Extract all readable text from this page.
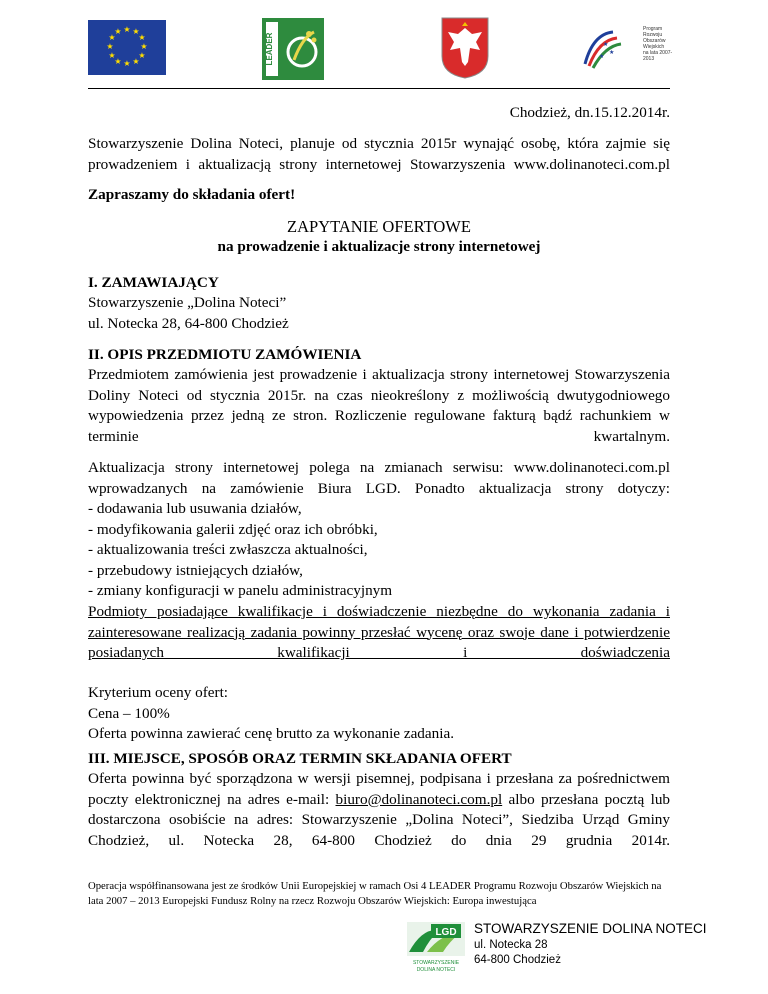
★ ★
★
★
★
★
★
★
★
★
★
★
LEADER	★
★
★
Program
Rozwoju
Obszarów
Wiejskich
na lata 2007-2013
Chodzież, dn.15.12.2014r.
Stowarzyszenie Dolina Noteci, planuje od stycznia 2015r wynająć osobę, która zajmie się prowadzeniem i aktualizacją strony internetowej Stowarzyszenia www.dolinanoteci.com.pl
Zapraszamy do składania ofert!
ZAPYTANIE OFERTOWE
na prowadzenie i aktualizacje strony internetowej
I. ZAMAWIAJĄCY
Stowarzyszenie „Dolina Noteci”
ul. Notecka 28, 64-800 Chodzież
II. OPIS PRZEDMIOTU ZAMÓWIENIA
Przedmiotem zamówienia jest prowadzenie i aktualizacja strony internetowej Stowarzyszenia Doliny Noteci od stycznia 2015r. na czas nieokreślony z możliwością dwutygodniowego wypowiedzenia przez jedną ze stron. Rozliczenie regulowane fakturą bądź rachunkiem w terminie kwartalnym.
Aktualizacja strony internetowej polega na zmianach serwisu: www.dolinanoteci.com.pl wprowadzanych na zamówienie Biura LGD. Ponadto aktualizacja strony dotyczy:
- dodawania lub usuwania działów,
- modyfikowania galerii zdjęć oraz ich obróbki,
- aktualizowania treści zwłaszcza aktualności,
- przebudowy istniejących działów,
- zmiany konfiguracji w panelu administracyjnym
Podmioty posiadające kwalifikacje i doświadczenie niezbędne do wykonania zadania i zainteresowane realizacją zadania powinny przesłać wycenę oraz swoje dane i potwierdzenie posiadanych kwalifikacji i doświadczenia
Kryterium oceny ofert:
Cena – 100%
Oferta powinna zawierać cenę brutto za wykonanie zadania.
III. MIEJSCE, SPOSÓB ORAZ TERMIN SKŁADANIA OFERT
Oferta powinna być sporządzona w wersji pisemnej, podpisana i przesłana za pośrednictwem poczty elektronicznej na adres e-mail: biuro@dolinanoteci.com.pl albo przesłana pocztą lub dostarczona osobiście na adres: Stowarzyszenie „Dolina Noteci”, Siedziba Urząd Gminy Chodzież, ul. Notecka 28, 64-800 Chodzież do dnia 29 grudnia 2014r.
Operacja współfinansowana jest ze środków Unii Europejskiej w ramach Osi 4 LEADER Programu Rozwoju Obszarów Wiejskich na lata 2007 – 2013 Europejski Fundusz Rolny na rzecz Rozwoju Obszarów Wiejskich: Europa inwestująca
LGD
STOWARZYSZENIE
DOLINA NOTECI
STOWARZYSZENIE DOLINA NOTECI
ul. Notecka 28
64-800 Chodzież
